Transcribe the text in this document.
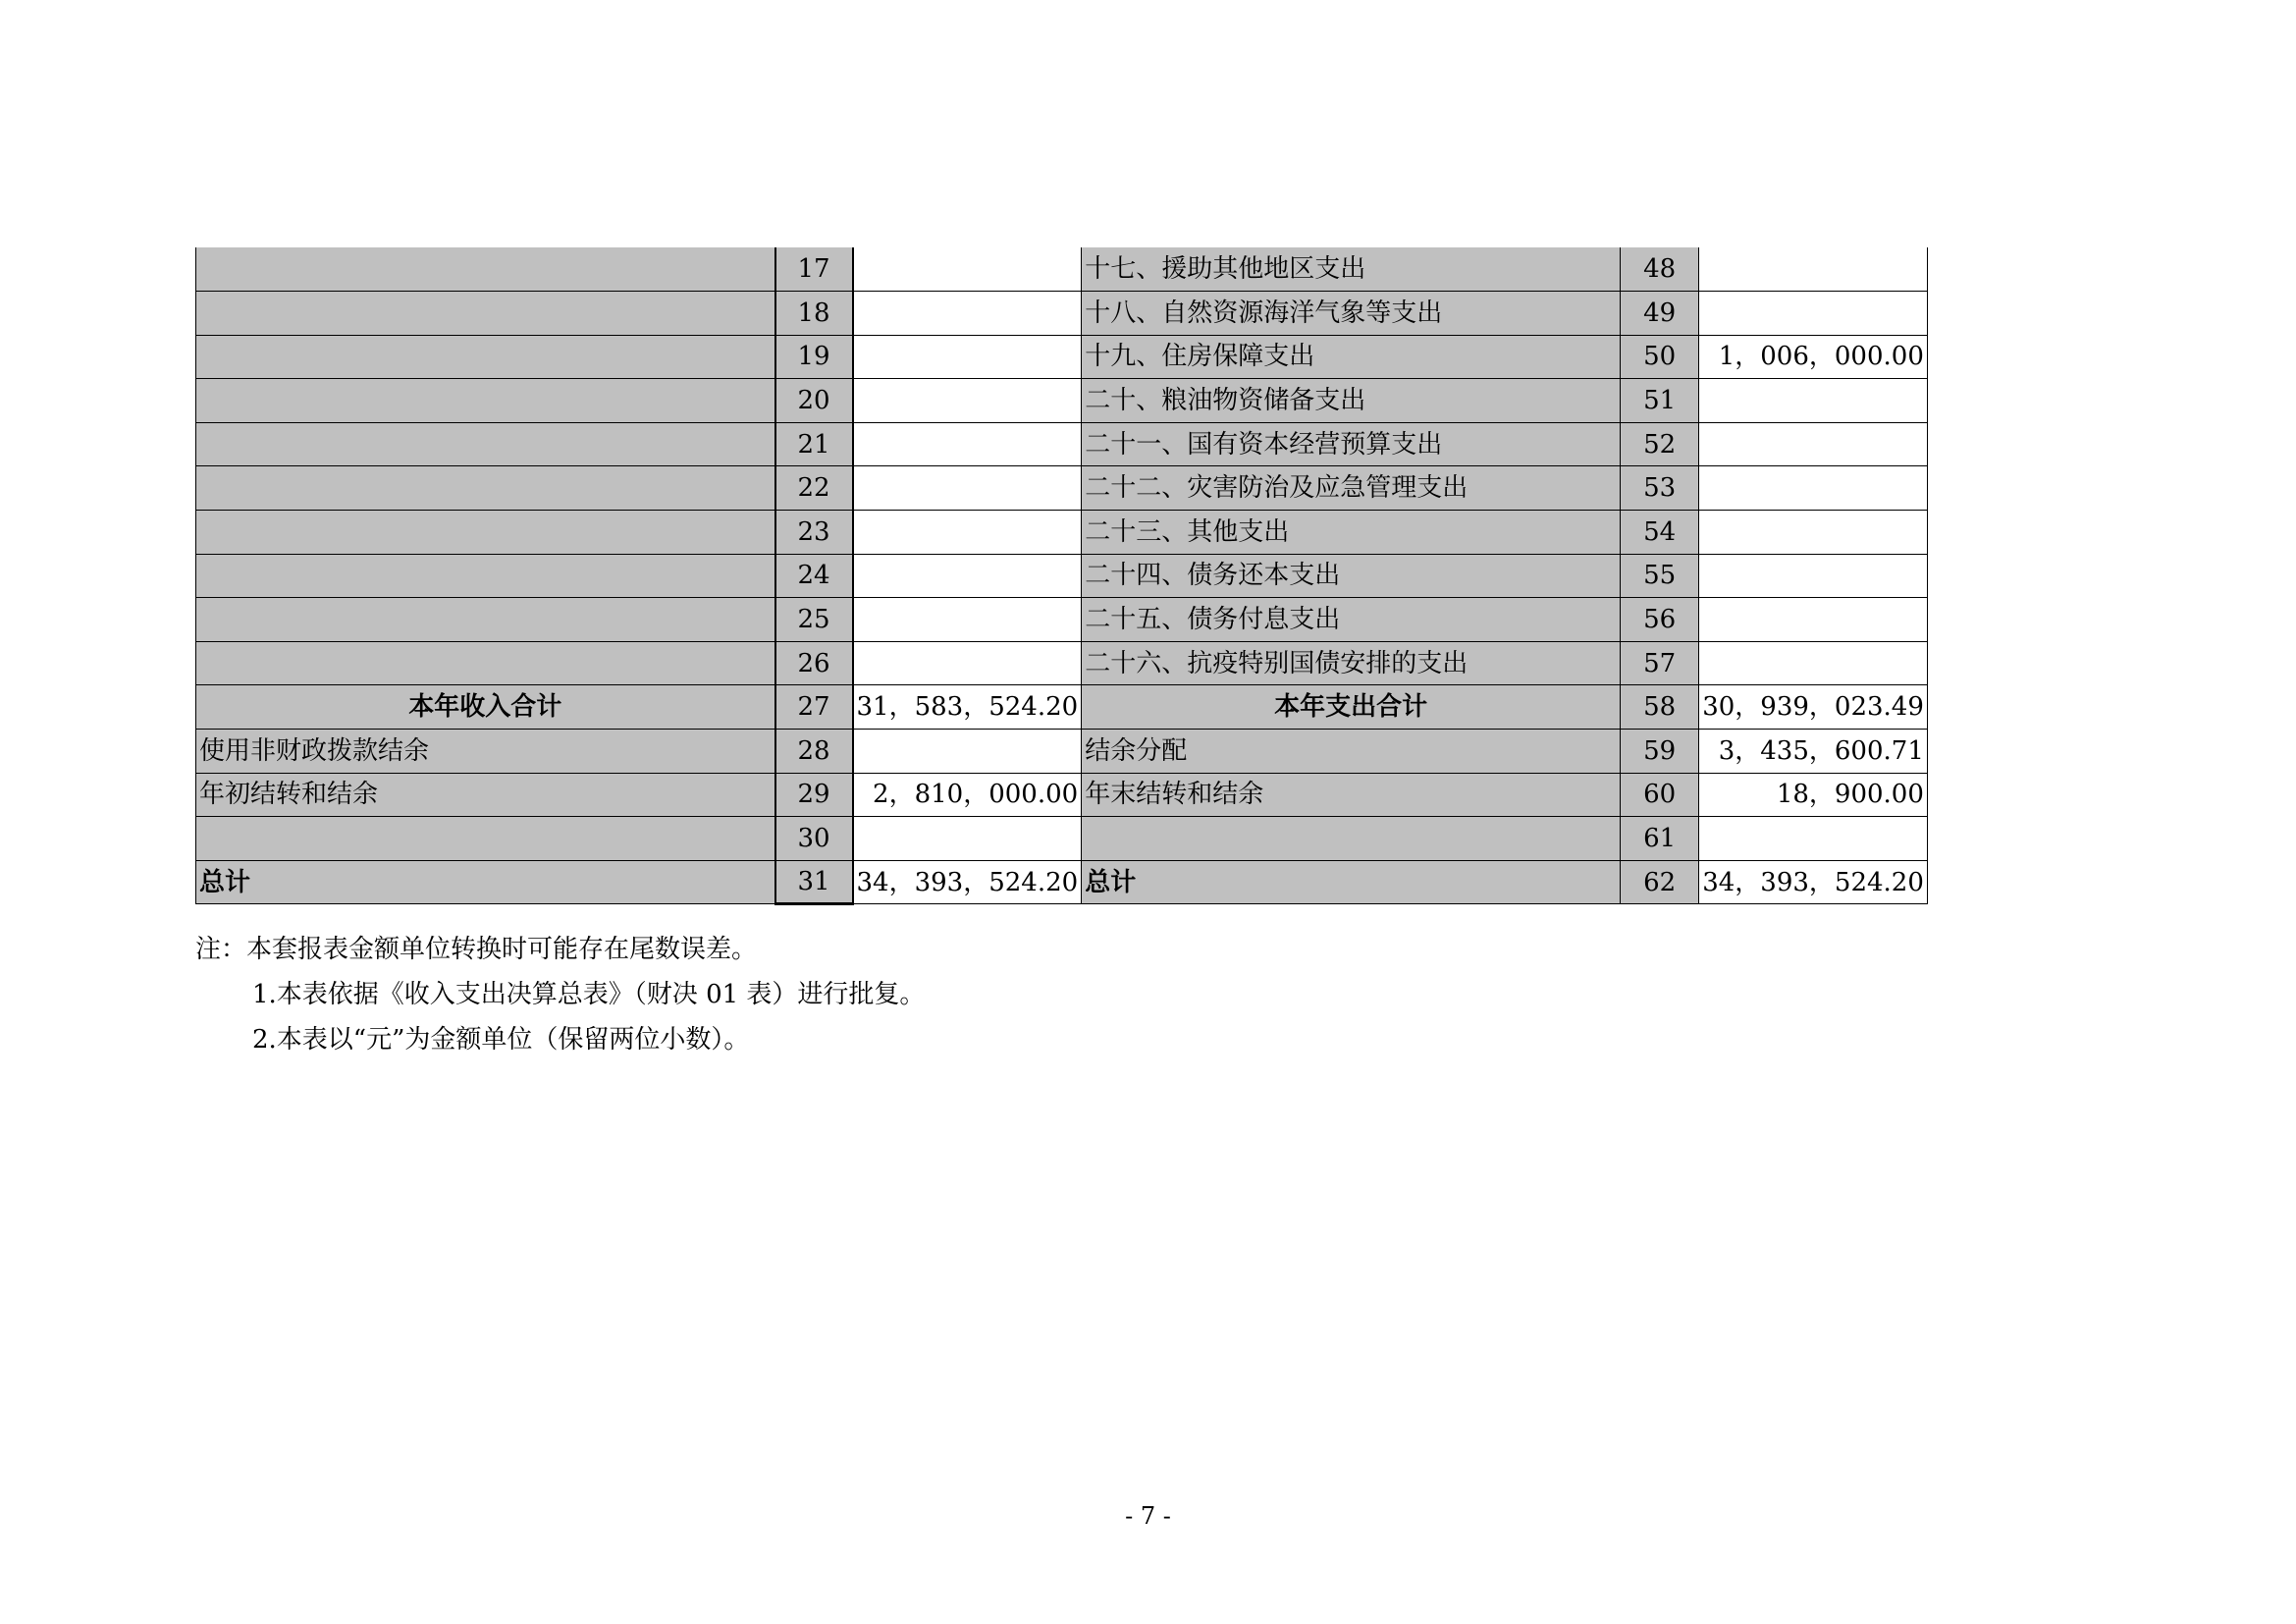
	17		十七、援助其他地区支出	48	
	18		十八、自然资源海洋气象等支出	49	
	19		十九、住房保障支出	50	1，006，000.00
	20		二十、粮油物资储备支出	51	
	21		二十一、国有资本经营预算支出	52	
	22		二十二、灾害防治及应急管理支出	53	
	23		二十三、其他支出	54	
	24		二十四、债务还本支出	55	
	25		二十五、债务付息支出	56	
	26		二十六、抗疫特别国债安排的支出	57	
本年收入合计	27	31，583，524.20	本年支出合计	58	30，939，023.49
使用非财政拨款结余	28		结余分配	59	3，435，600.71
年初结转和结余	29	2，810，000.00	年末结转和结余	60	18，900.00
	30			61	
总计	31	34，393，524.20	总计	62	34，393，524.20
注：本套报表金额单位转换时可能存在尾数误差。
1.本表依据《收入支出决算总表》（财决 01 表）进行批复。
2.本表以“元”为金额单位（保留两位小数）。
- 7 -
